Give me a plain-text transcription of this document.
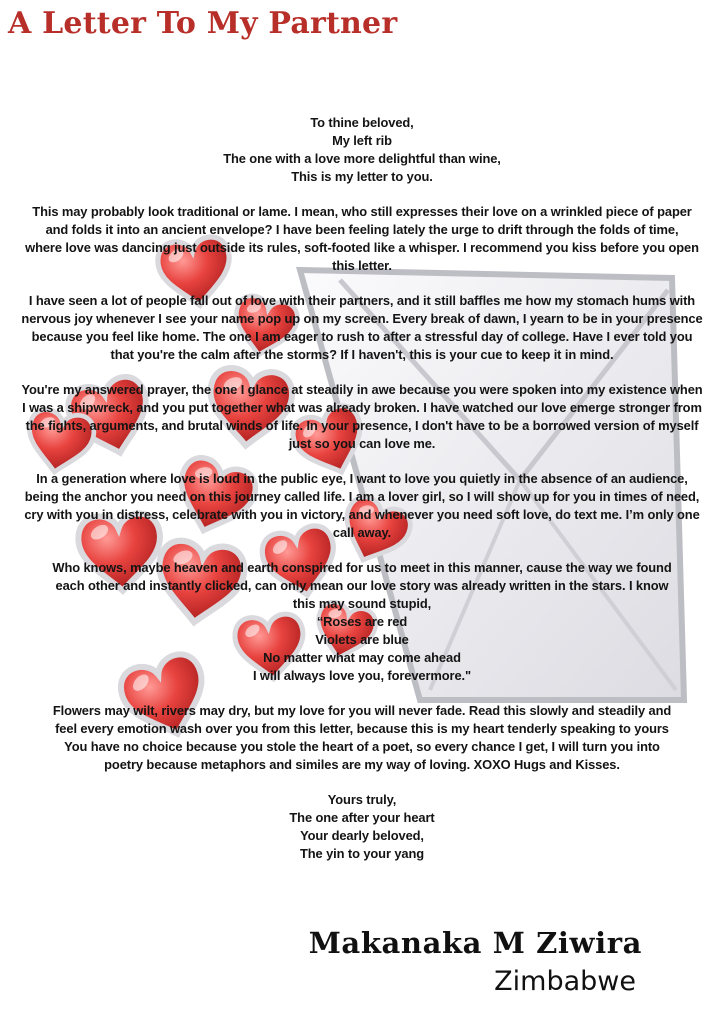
A Letter To My Partner
To thine beloved,
My left rib
The one with a love more delightful than wine,
This is my letter to you.
This may probably look traditional or lame. I mean, who still expresses their love on a wrinkled piece of paper
and folds it into an ancient envelope? I have been feeling lately the urge to drift through the folds of time,
where love was dancing just outside its rules, soft-footed like a whisper. I recommend you kiss before you open
this letter.
I have seen a lot of people fall out of love with their partners, and it still baffles me how my stomach hums with
nervous joy whenever I see your name pop up on my screen. Every break of dawn, I yearn to be in your presence
because you feel like home. The one I am eager to rush to after a stressful day of college. Have I ever told you
that you're the calm after the storms? If I haven't, this is your cue to keep it in mind.
You're my answered prayer, the one I glance at steadily in awe because you were spoken into my existence when
I was a shipwreck, and you put together what was already broken. I have watched our love emerge stronger from
the fights, arguments, and brutal winds of life. In your presence, I don't have to be a borrowed version of myself
just so you can love me.
In a generation where love is loud in the public eye, I want to love you quietly in the absence of an audience,
being the anchor you need on this journey called life. I am a lover girl, so I will show up for you in times of need,
cry with you in distress, celebrate with you in victory, and whenever you need soft love, do text me. I’m only one
call away.
Who knows, maybe heaven and earth conspired for us to meet in this manner, cause the way we found
each other and instantly clicked, can only mean our love story was already written in the stars. I know
this may sound stupid,
“Roses are red
Violets are blue
No matter what may come ahead
I will always love you, forevermore."
Flowers may wilt, rivers may dry, but my love for you will never fade. Read this slowly and steadily and
feel every emotion wash over you from this letter, because this is my heart tenderly speaking to yours
You have no choice because you stole the heart of a poet, so every chance I get, I will turn you into
poetry because metaphors and similes are my way of loving. XOXO Hugs and Kisses.
Yours truly,
The one after your heart
Your dearly beloved,
The yin to your yang

Makanaka M Ziwira

Zimbabwe
